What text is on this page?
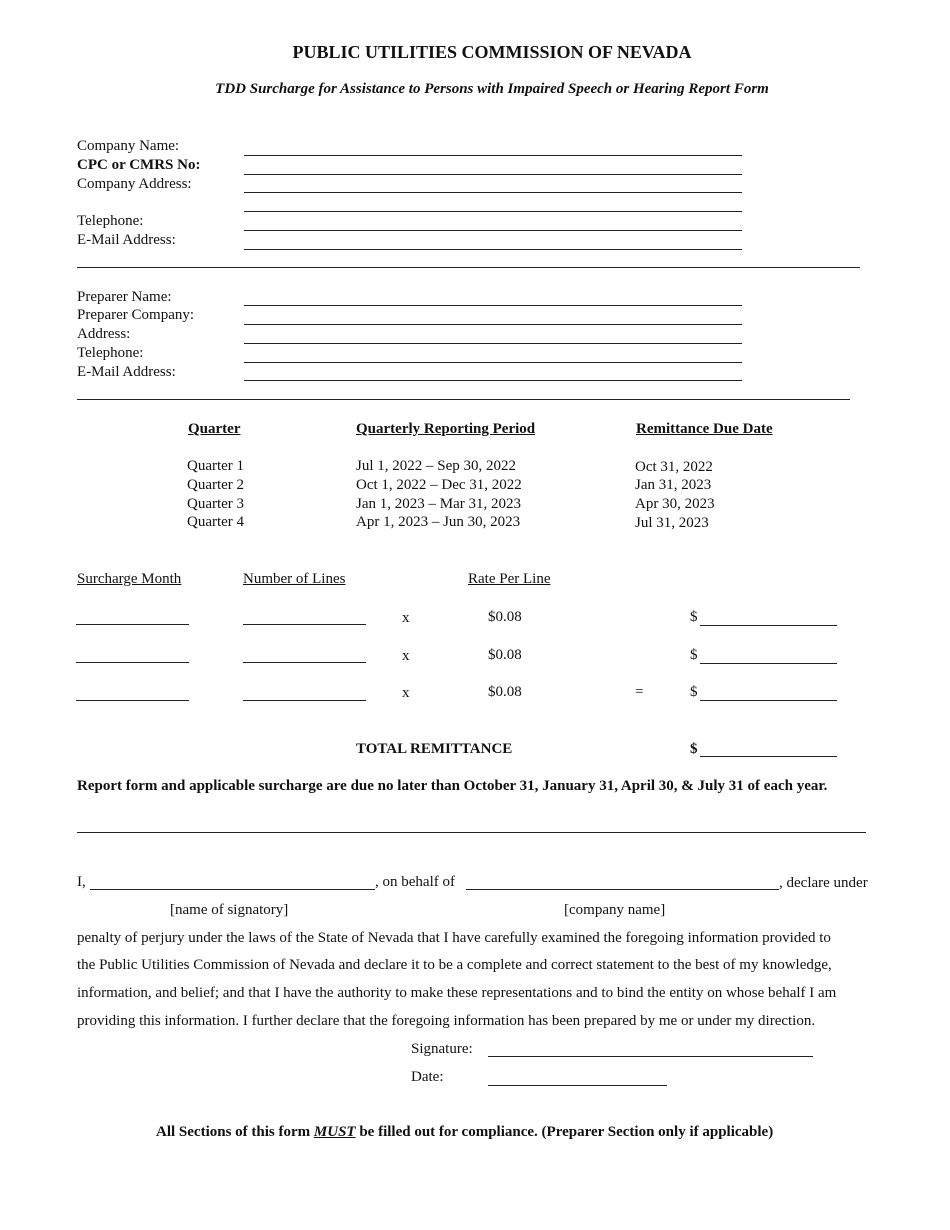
PUBLIC UTILITIES COMMISSION OF NEVADA
TDD Surcharge for Assistance to Persons with Impaired Speech or Hearing Report Form
Company Name:
CPC or CMRS No:
Company Address:
Telephone:
E-Mail Address:
Preparer Name:
Preparer Company:
Address:
Telephone:
E-Mail Address:
Quarter	Quarterly Reporting Period	Remittance Due Date
Quarter 1	Jul 1, 2022 – Sep 30, 2022	Oct 31, 2022
Quarter 2	Oct 1, 2022 – Dec 31, 2022	Jan 31, 2023
Quarter 3	Jan 1, 2023 – Mar 31, 2023	Apr 30, 2023
Quarter 4	Apr 1, 2023 – Jun 30, 2023	Jul 31, 2023
Surcharge Month	Number of Lines	Rate Per Line
x	$0.08	$
x	$0.08	$
x	$0.08	=	$
TOTAL REMITTANCE	$
Report form and applicable surcharge are due no later than October 31, January 31, April 30, & July 31 of each year.
I,	, on behalf of	, declare under
[name of signatory]	[company name]
penalty of perjury under the laws of the State of Nevada that I have carefully examined the foregoing information provided to
the Public Utilities Commission of Nevada and declare it to be a complete and correct statement to the best of my knowledge,
information, and belief; and that I have the authority to make these representations and to bind the entity on whose behalf I am
providing this information. I further declare that the foregoing information has been prepared by me or under my direction.
Signature:
Date:
All Sections of this form MUST be filled out for compliance. (Preparer Section only if applicable)
